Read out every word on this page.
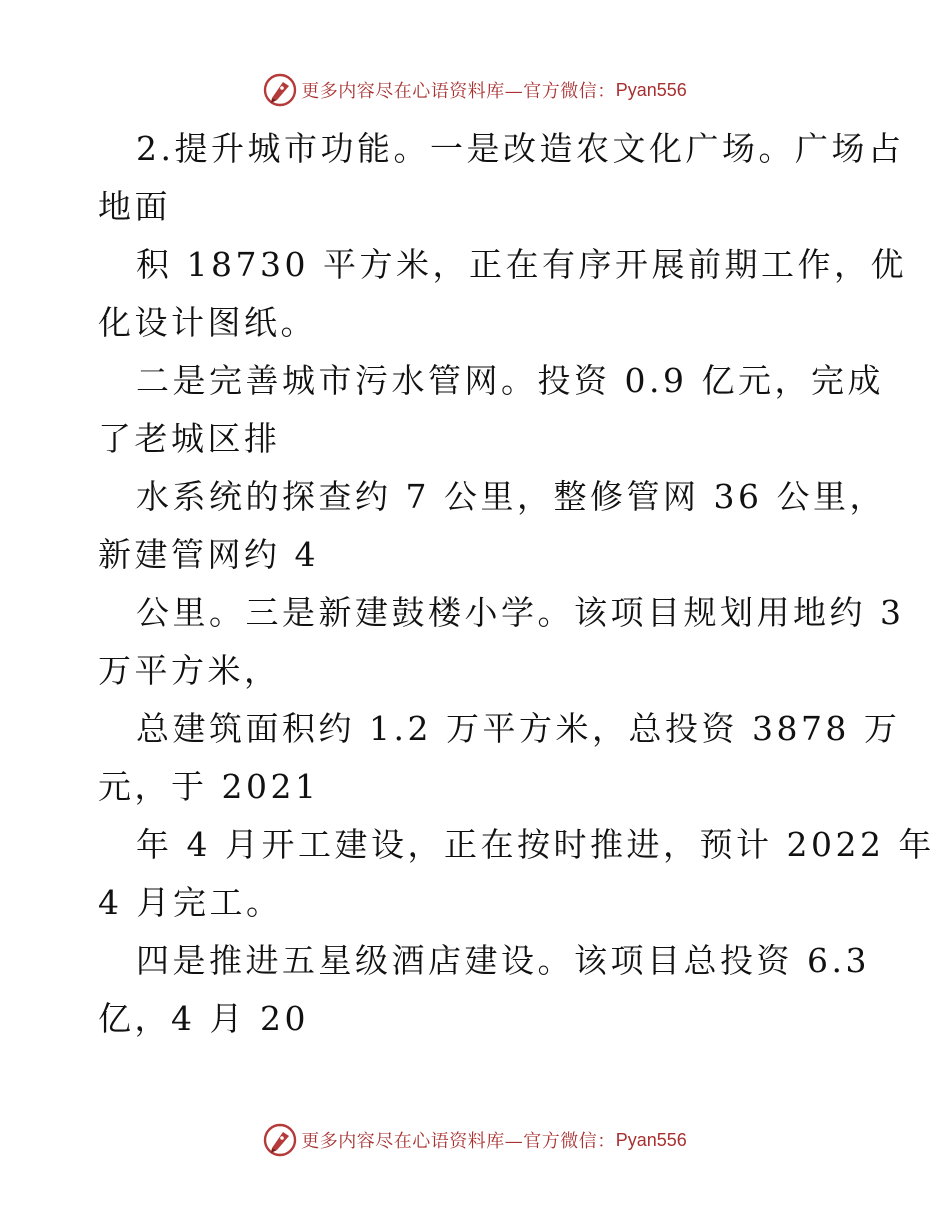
更多内容尽在心语资料库—官方微信： Pyan556
2.提升城市功能。一是改造农文化广场。广场占
地面
积 18730 平方米，正在有序开展前期工作，优
化设计图纸。
二是完善城市污水管网。投资 0.9 亿元，完成
了老城区排
水系统的探查约 7 公里，整修管网 36 公里，
新建管网约 4
公里。三是新建鼓楼小学。该项目规划用地约 3
万平方米，
总建筑面积约 1.2 万平方米，总投资 3878 万
元，于 2021
年 4 月开工建设，正在按时推进，预计 2022 年
4 月完工。
四是推进五星级酒店建设。该项目总投资 6.3
亿，4 月 20
更多内容尽在心语资料库—官方微信： Pyan556
